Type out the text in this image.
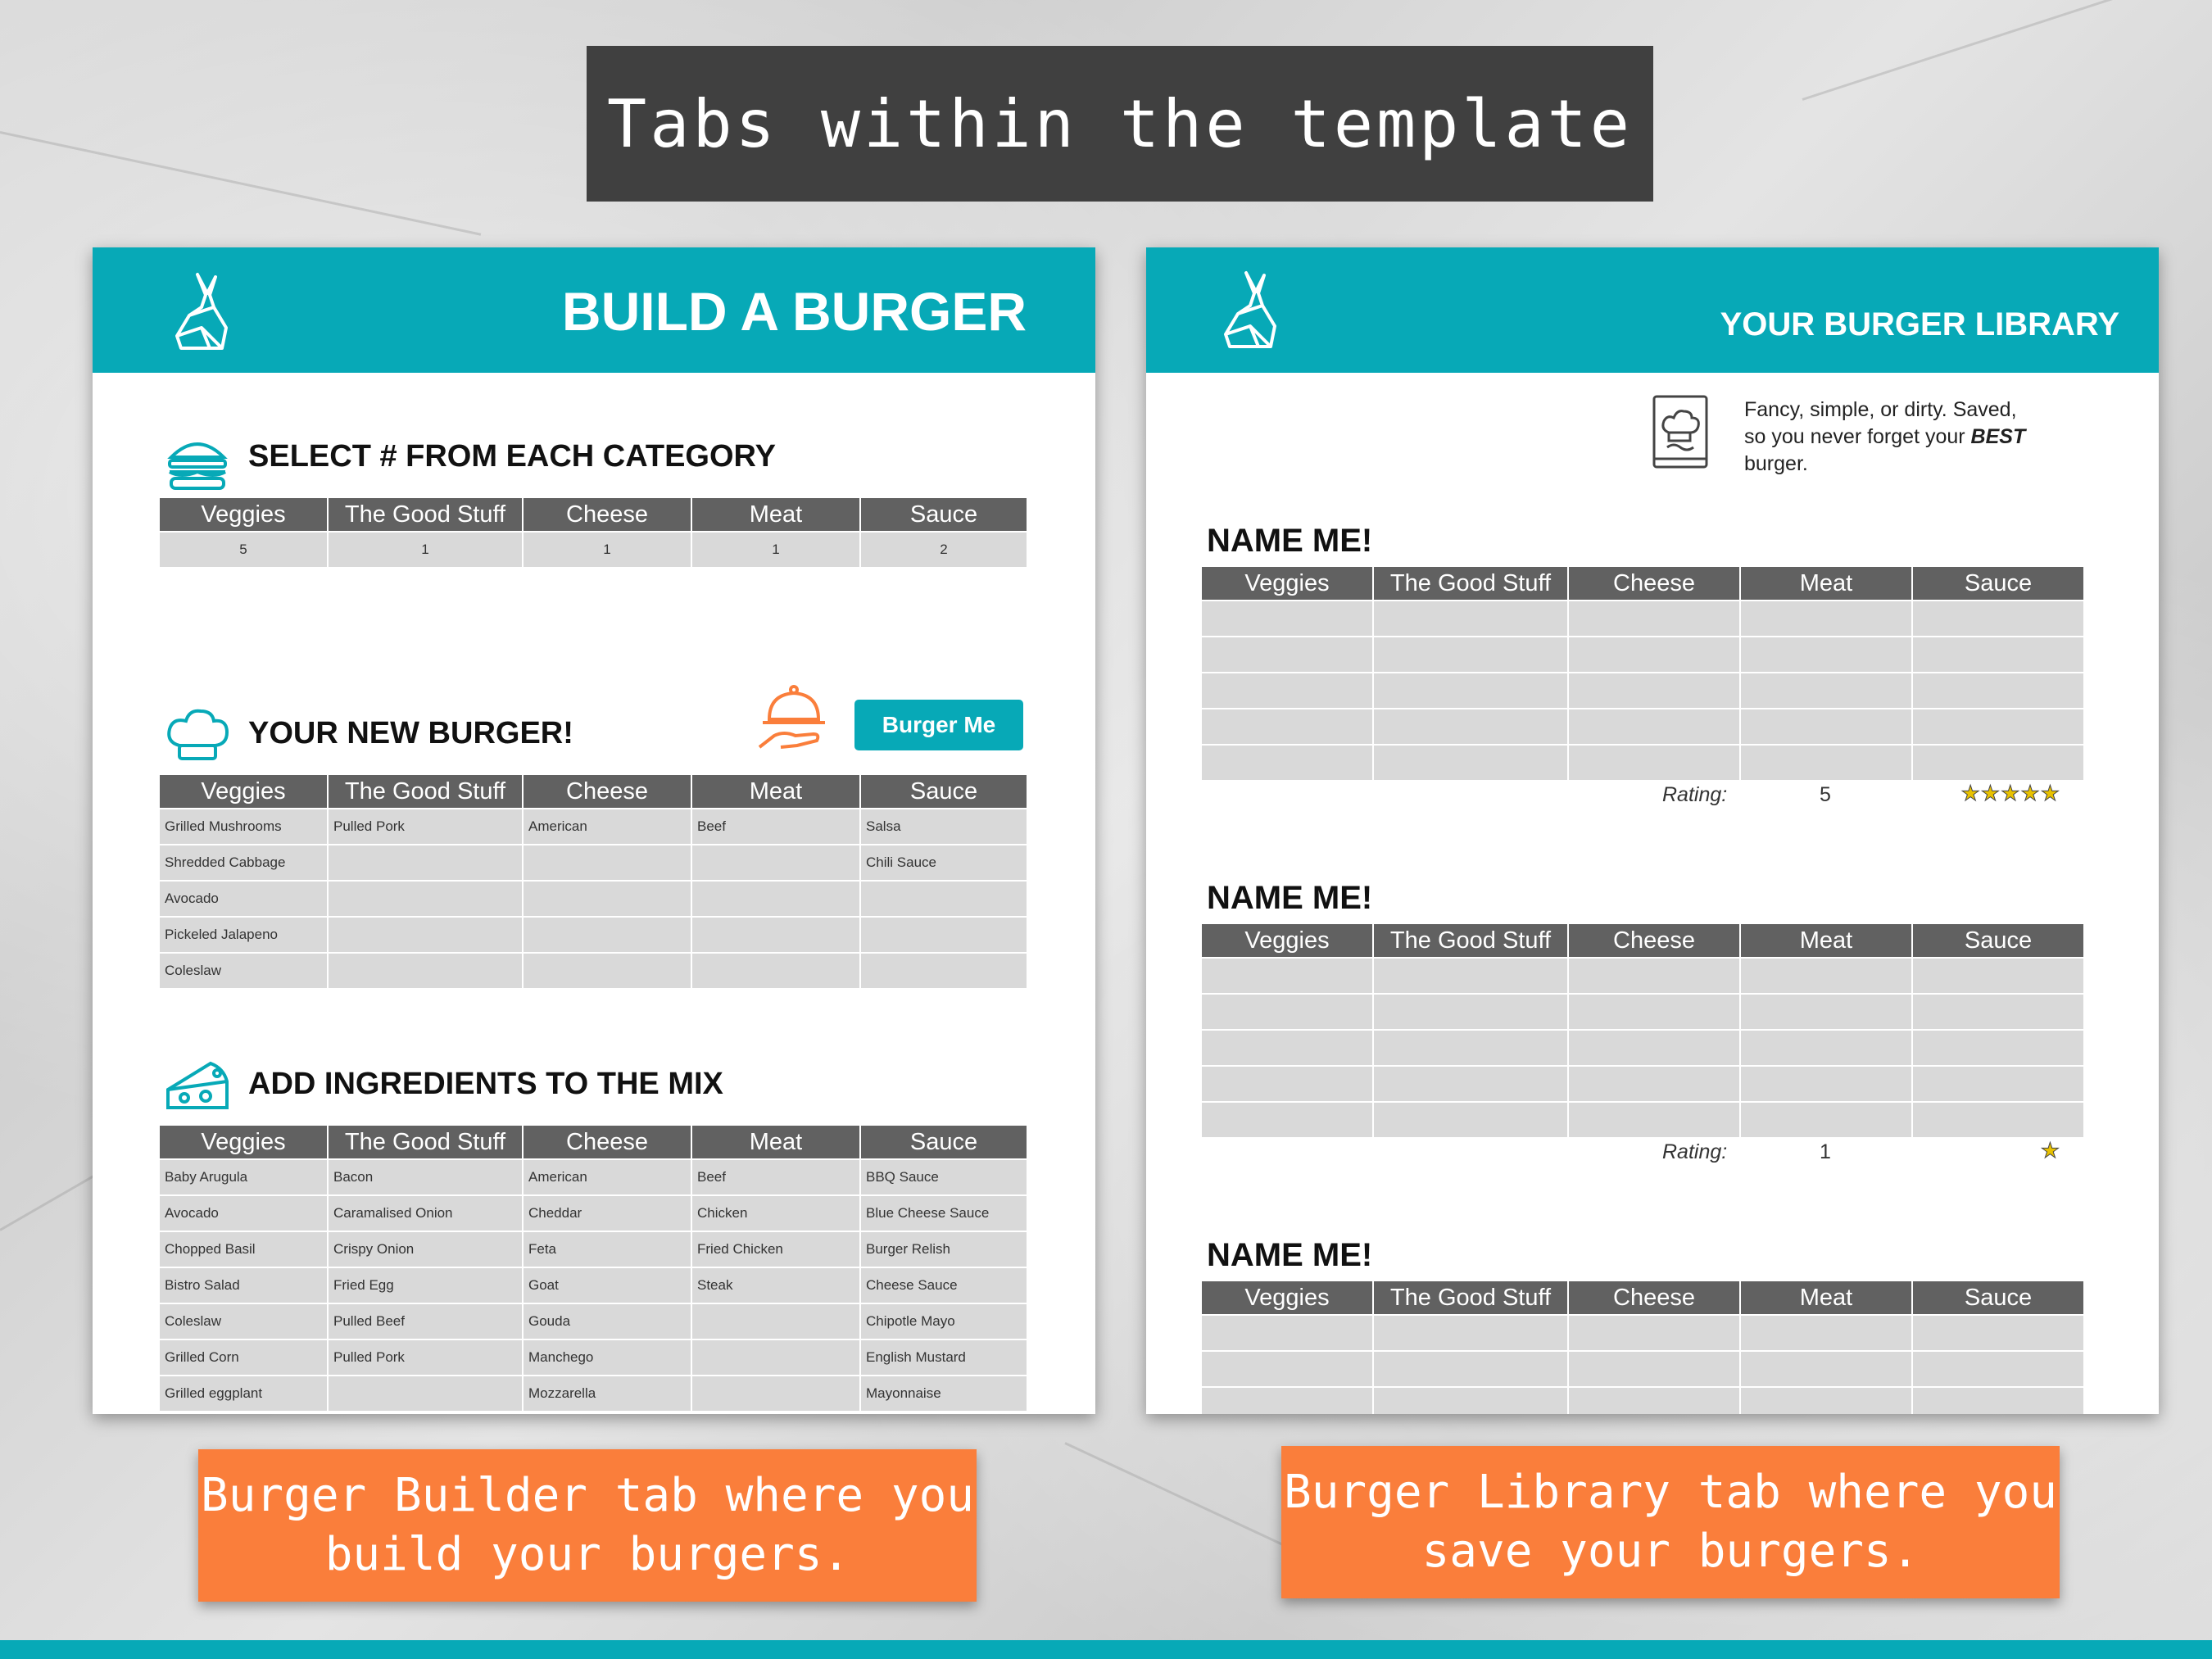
Tabs within the template
BUILD A BURGER
SELECT # FROM EACH CATEGORY
Veggies	The Good Stuff	Cheese	Meat	Sauce
5	1	1	1	2
YOUR NEW BURGER!	Burger Me
Veggies	The Good Stuff	Cheese	Meat	Sauce
Grilled Mushrooms	Pulled Pork	American	Beef	Salsa
Shredded Cabbage				Chili Sauce
Avocado				
Pickeled Jalapeno				
Coleslaw				
ADD INGREDIENTS TO THE MIX
Veggies	The Good Stuff	Cheese	Meat	Sauce
Baby Arugula	Bacon	American	Beef	BBQ Sauce
Avocado	Caramalised Onion	Cheddar	Chicken	Blue Cheese Sauce
Chopped Basil	Crispy Onion	Feta	Fried Chicken	Burger Relish
Bistro Salad	Fried Egg	Goat	Steak	Cheese Sauce
Coleslaw	Pulled Beef	Gouda		Chipotle Mayo
Grilled Corn	Pulled Pork	Manchego		English Mustard
Grilled eggplant		Mozzarella		Mayonnaise
YOUR BURGER LIBRARY
Fancy, simple, or dirty. Saved,
so you never forget your BEST
burger.
NAME ME!
Veggies	The Good Stuff	Cheese	Meat	Sauce

Rating:	5	★★★★★
NAME ME!
Veggies	The Good Stuff	Cheese	Meat	Sauce

Rating:	1	★
NAME ME!
Veggies	The Good Stuff	Cheese	Meat	Sauce

Burger Builder tab where you build your burgers.
Burger Library tab where you save your burgers.
